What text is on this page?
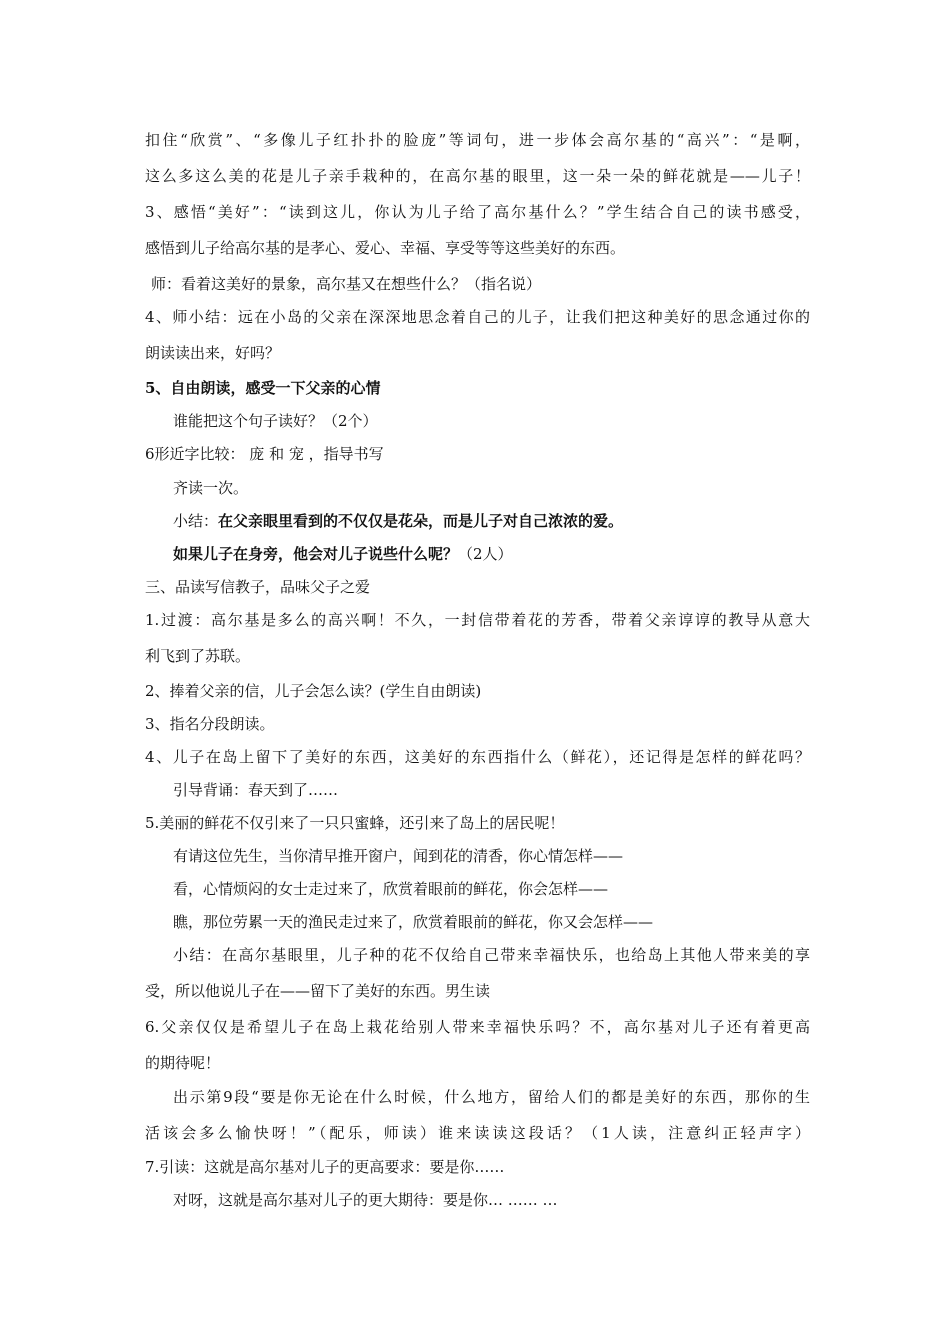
扣住“欣赏”、“多像儿子红扑扑的脸庞”等词句，进一步体会高尔基的“高兴”：“是啊，
这么多这么美的花是儿子亲手栽种的，在高尔基的眼里，这一朵一朵的鲜花就是——儿子！
3、感悟“美好”：“读到这儿，你认为儿子给了高尔基什么？”学生结合自己的读书感受，
感悟到儿子给高尔基的是孝心、爱心、幸福、享受等等这些美好的东西。
师：看着这美好的景象，高尔基又在想些什么？（指名说）
4、师小结：远在小岛的父亲在深深地思念着自己的儿子，让我们把这种美好的思念通过你的
朗读读出来，好吗？
5、自由朗读，感受一下父亲的心情
谁能把这个句子读好？（2个）
6形近字比较： 庞 和 宠 ，指导书写
齐读一次。
小结：在父亲眼里看到的不仅仅是花朵，而是儿子对自己浓浓的爱。
如果儿子在身旁，他会对儿子说些什么呢？（2人）
三、品读写信教子，品味父子之爱
1.过渡：高尔基是多么的高兴啊！不久，一封信带着花的芳香，带着父亲谆谆的教导从意大
利飞到了苏联。
2、捧着父亲的信，儿子会怎么读？(学生自由朗读)
3、指名分段朗读。
4、儿子在岛上留下了美好的东西，这美好的东西指什么（鲜花），还记得是怎样的鲜花吗？
引导背诵：春天到了……
5.美丽的鲜花不仅引来了一只只蜜蜂，还引来了岛上的居民呢！
有请这位先生，当你清早推开窗户，闻到花的清香，你心情怎样——
看，心情烦闷的女士走过来了，欣赏着眼前的鲜花，你会怎样——
瞧，那位劳累一天的渔民走过来了，欣赏着眼前的鲜花，你又会怎样——
小结：在高尔基眼里，儿子种的花不仅给自己带来幸福快乐，也给岛上其他人带来美的享
受，所以他说儿子在——留下了美好的东西。男生读
6.父亲仅仅是希望儿子在岛上栽花给别人带来幸福快乐吗？不，高尔基对儿子还有着更高
的期待呢！
出示第9段“要是你无论在什么时候，什么地方，留给人们的都是美好的东西，那你的生
活该会多么愉快呀！”（配乐，师读）谁来读读这段话？（1人读，注意纠正轻声字）
7.引读：这就是高尔基对儿子的更高要求：要是你……
对呀，这就是高尔基对儿子的更大期待：要是你… …… …
